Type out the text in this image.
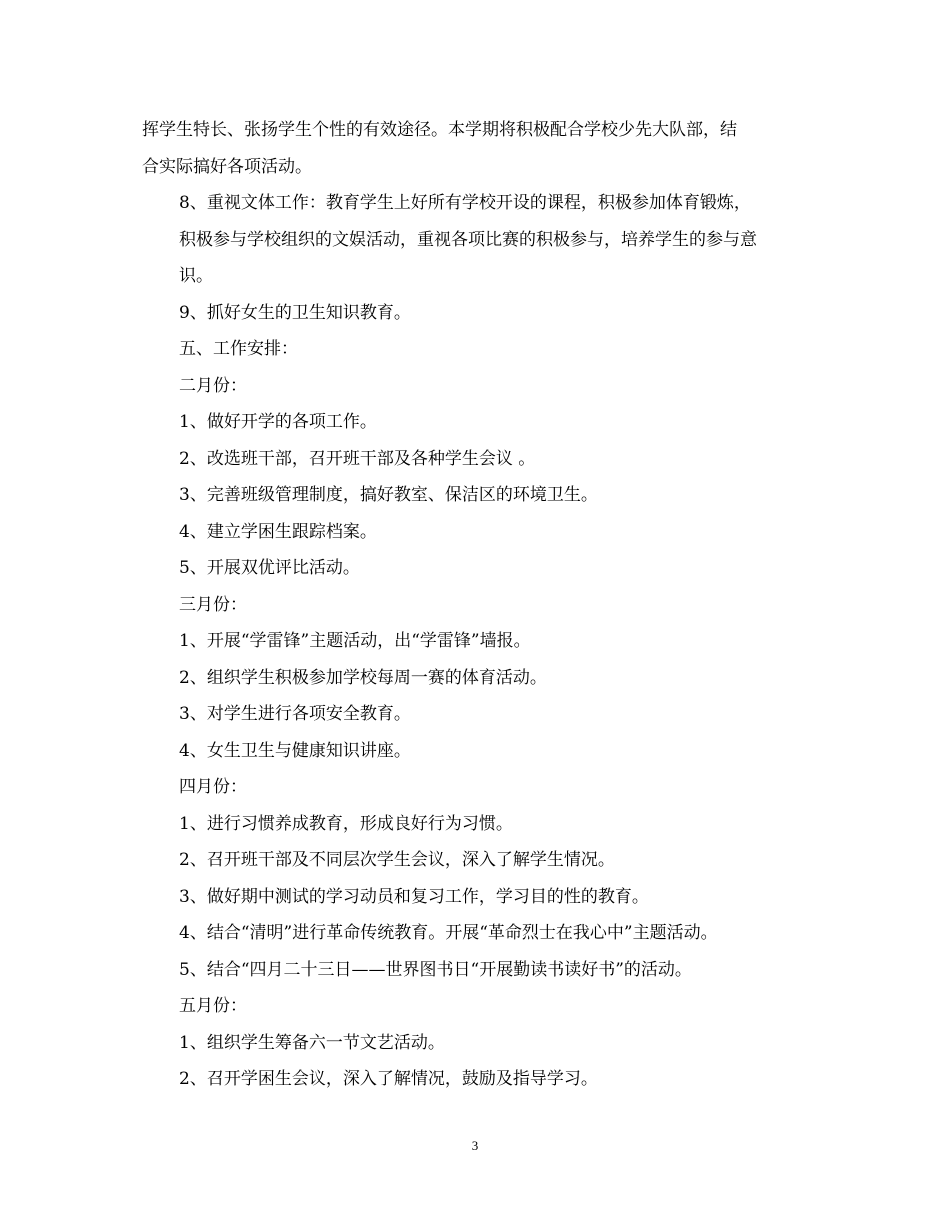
挥学生特长、张扬学生个性的有效途径。本学期将积极配合学校少先大队部，结
合实际搞好各项活动。

8、重视文体工作：教育学生上好所有学校开设的课程，积极参加体育锻炼，
积极参与学校组织的文娱活动，重视各项比赛的积极参与，培养学生的参与意
识。

9、抓好女生的卫生知识教育。

五、工作安排：

二月份：

1、做好开学的各项工作。

2、改选班干部，召开班干部及各种学生会议 。

3、完善班级管理制度，搞好教室、保洁区的环境卫生。

4、建立学困生跟踪档案。

5、开展双优评比活动。

三月份：

1、开展“学雷锋”主题活动，出“学雷锋”墙报。

2、组织学生积极参加学校每周一赛的体育活动。

3、对学生进行各项安全教育。

4、女生卫生与健康知识讲座。

四月份：

1、进行习惯养成教育，形成良好行为习惯。

2、召开班干部及不同层次学生会议，深入了解学生情况。

3、做好期中测试的学习动员和复习工作，学习目的性的教育。

4、结合“清明”进行革命传统教育。开展“革命烈士在我心中”主题活动。

5、结合“四月二十三日——世界图书日“开展勤读书读好书”的活动。

五月份：

1、组织学生筹备六一节文艺活动。

2、召开学困生会议，深入了解情况，鼓励及指导学习。

3
